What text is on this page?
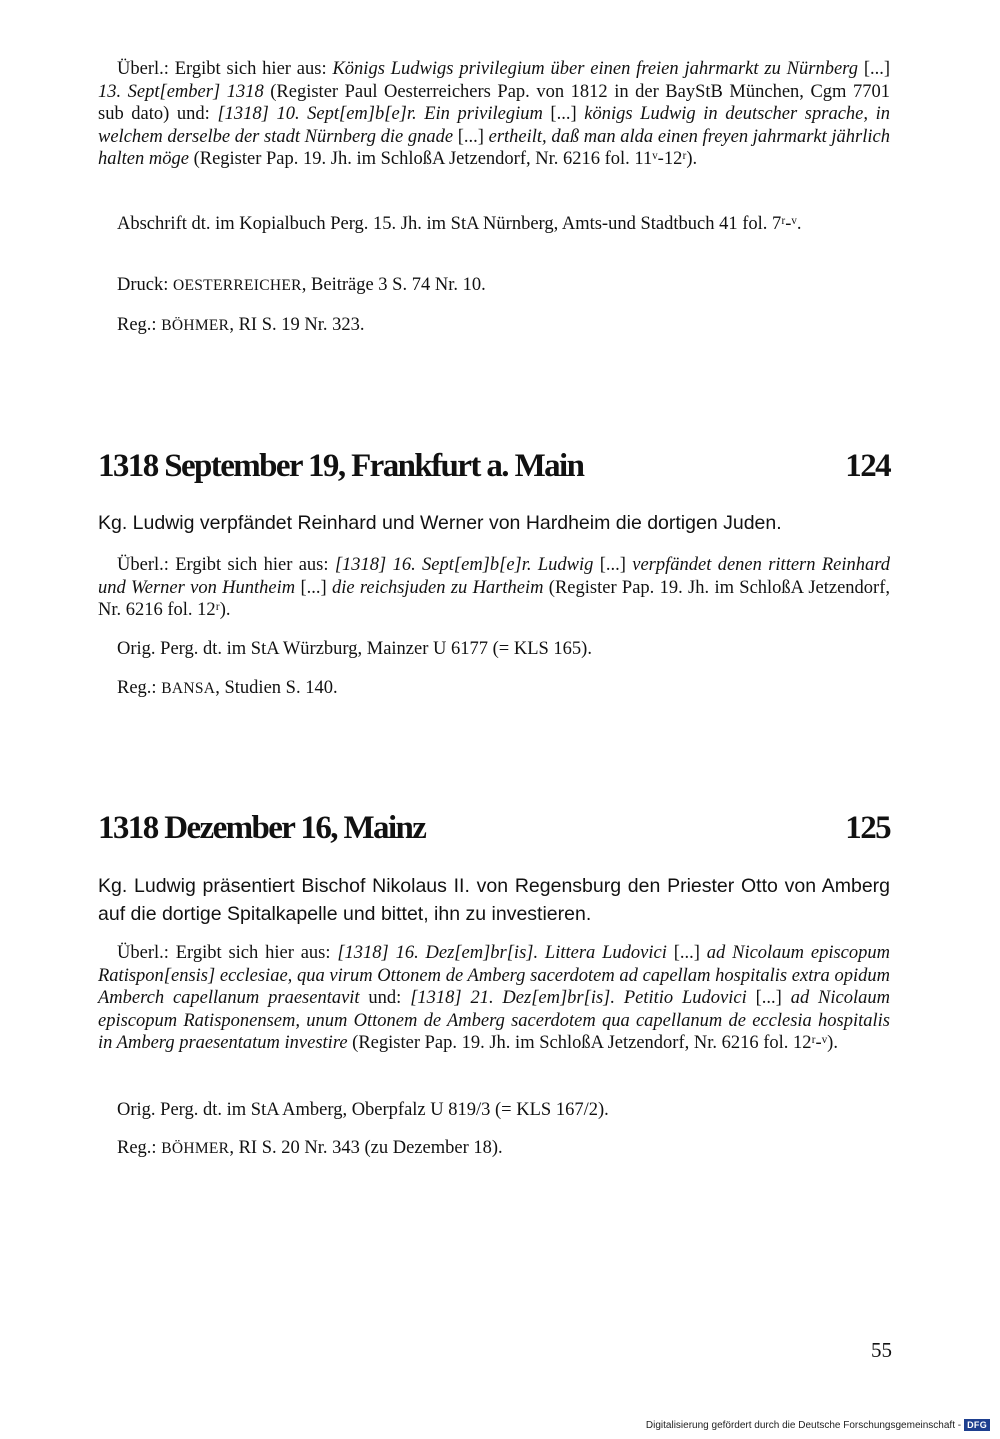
Überl.: Ergibt sich hier aus: Königs Ludwigs privilegium über einen freien jahrmarkt zu Nürnberg [...] 13. Sept[ember] 1318 (Register Paul Oesterreichers Pap. von 1812 in der BayStB München, Cgm 7701 sub dato) und: [1318] 10. Sept[em]b[e]r. Ein privilegium [...] königs Ludwig in deutscher sprache, in welchem derselbe der stadt Nürnberg die gnade [...] ertheilt, daß man alda einen freyen jahrmarkt jährlich halten möge (Register Pap. 19. Jh. im SchloßA Jetzendorf, Nr. 6216 fol. 11ᵛ-12ʳ).
Abschrift dt. im Kopialbuch Perg. 15. Jh. im StA Nürnberg, Amts-und Stadtbuch 41 fol. 7ʳ-ᵛ.
Druck: OESTERREICHER, Beiträge 3 S. 74 Nr. 10.
Reg.: BÖHMER, RI S. 19 Nr. 323.
1318 September 19, Frankfurt a. Main	124
Kg. Ludwig verpfändet Reinhard und Werner von Hardheim die dortigen Juden.
Überl.: Ergibt sich hier aus: [1318] 16. Sept[em]b[e]r. Ludwig [...] verpfändet denen rittern Reinhard und Werner von Huntheim [...] die reichsjuden zu Hartheim (Register Pap. 19. Jh. im SchloßA Jetzendorf, Nr. 6216 fol. 12ʳ).
Orig. Perg. dt. im StA Würzburg, Mainzer U 6177 (= KLS 165).
Reg.: BANSA, Studien S. 140.
1318 Dezember 16, Mainz	125
Kg. Ludwig präsentiert Bischof Nikolaus II. von Regensburg den Priester Otto von Amberg auf die dortige Spitalkapelle und bittet, ihn zu investieren.
Überl.: Ergibt sich hier aus: [1318] 16. Dez[em]br[is]. Littera Ludovici [...] ad Nicolaum episcopum Ratispon[ensis] ecclesiae, qua virum Ottonem de Amberg sacerdotem ad capellam hospitalis extra opidum Amberch capellanum praesentavit und: [1318] 21. Dez[em]br[is]. Petitio Ludovici [...] ad Nicolaum episcopum Ratisponensem, unum Ottonem de Amberg sacerdotem qua capellanum de ecclesia hospitalis in Amberg praesentatum investire (Register Pap. 19. Jh. im SchloßA Jetzendorf, Nr. 6216 fol. 12ʳ-ᵛ).
Orig. Perg. dt. im StA Amberg, Oberpfalz U 819/3 (= KLS 167/2).
Reg.: BÖHMER, RI S. 20 Nr. 343 (zu Dezember 18).
55
Digitalisierung gefördert durch die Deutsche Forschungsgemeinschaft - DFG
